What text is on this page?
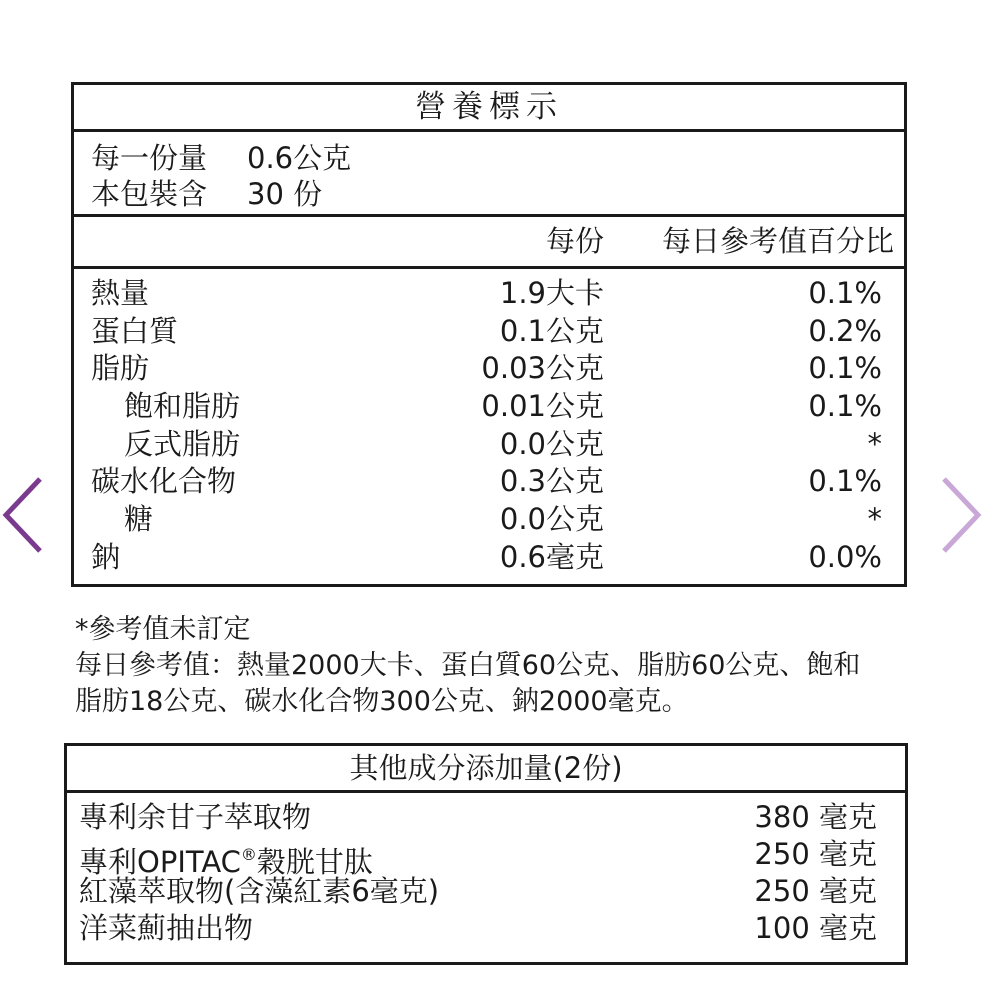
營養標示
每一份量	0.6公克
本包裝含	30 份
每份 每日參考值百分比
熱量	1.9大卡	0.1%
蛋白質	0.1公克	0.2%
脂肪	0.03公克	0.1%
飽和脂肪	0.01公克	0.1%
反式脂肪	0.0公克	*
碳水化合物	0.3公克	0.1%
糖	0.0公克	*
鈉	0.6毫克	0.0%
*參考值未訂定
每日參考值：熱量2000大卡、蛋白質60公克、脂肪60公克、飽和
脂肪18公克、碳水化合物300公克、鈉2000毫克。
其他成分添加量(2份)
專利余甘子萃取物	380 毫克
專利OPITAC®穀胱甘肽	250 毫克
紅藻萃取物(含藻紅素6毫克)	250 毫克
洋菜薊抽出物	100 毫克
